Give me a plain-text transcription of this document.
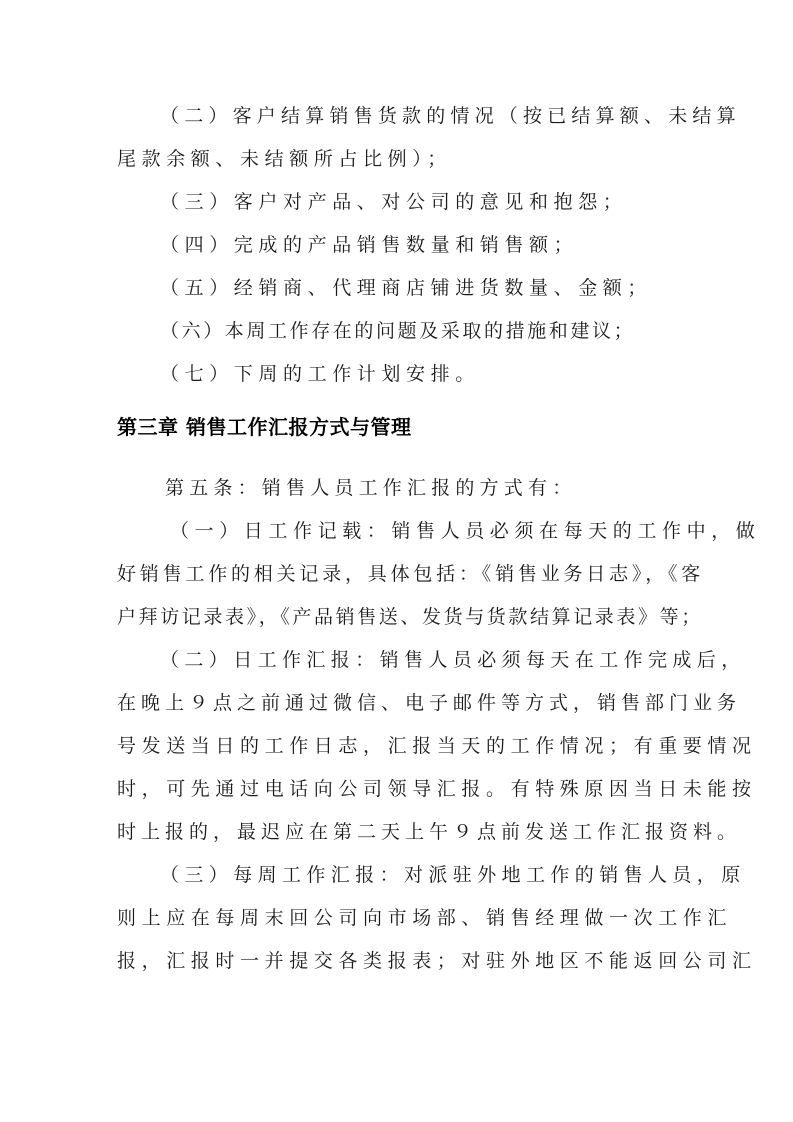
（二）客户结算销售货款的情况（按已结算额、未结算
尾款余额、未结额所占比例）；
（三）客户对产品、对公司的意见和抱怨；
（四）完成的产品销售数量和销售额；
（五）经销商、代理商店铺进货数量、金额；
（六）本周工作存在的问题及采取的措施和建议；
（七）下周的工作计划安排。
第三章 销售工作汇报方式与管理
第五条：销售人员工作汇报的方式有：
（一）日工作记载：销售人员必须在每天的工作中，做
好销售工作的相关记录，具体包括：《销售业务日志》，《客
户拜访记录表》，《产品销售送、发货与货款结算记录表》等；
（二）日工作汇报：销售人员必须每天在工作完成后，
在晚上９点之前通过微信、电子邮件等方式，销售部门业务
号发送当日的工作日志，汇报当天的工作情况；有重要情况
时，可先通过电话向公司领导汇报。有特殊原因当日未能按
时上报的，最迟应在第二天上午９点前发送工作汇报资料。
（三）每周工作汇报：对派驻外地工作的销售人员，原
则上应在每周末回公司向市场部、销售经理做一次工作汇
报，汇报时一并提交各类报表；对驻外地区不能返回公司汇
